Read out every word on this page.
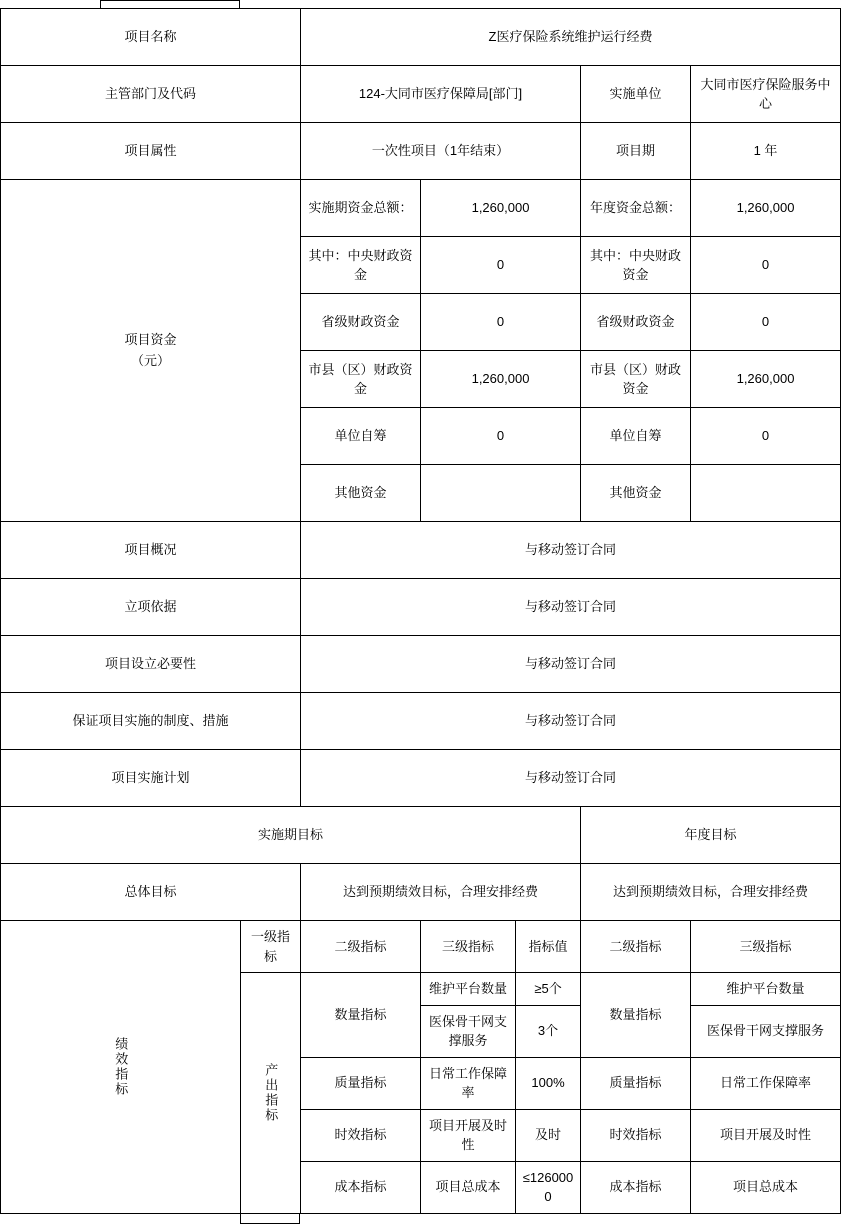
项目名称		Z医疗保险系统维护运行经费				
主管部门及代码		124-大同市医疗保障局[部门]			实施单位	大同市医疗保险服务中心
项目属性		一次性项目（1年结束）			项目期	1 年

项目资金
（元）		实施期资金总额：	1,260,000		年度资金总额：	1,260,000
		其中：中央财政资金	0		其中：中央财政资金	0
		省级财政资金	0		省级财政资金	0
		市县（区）财政资金	1,260,000		市县（区）财政资金	1,260,000
		单位自筹	0		单位自筹	0
		其他资金			其他资金	
项目概况		与移动签订合同				
立项依据		与移动签订合同				
项目设立必要性		与移动签订合同				
保证项目实施的制度、措施		与移动签订合同				
项目实施计划		与移动签订合同				
实施期目标					年度目标	
总体目标		达到预期绩效目标，合理安排经费			达到预期绩效目标，合理安排经费	
绩效指标	一级指标	二级指标	三级指标	指标值	二级指标	三级指标
	产出指标	数量指标	维护平台数量	≥5个	数量指标	维护平台数量
			医保骨干网支撑服务	3个		医保骨干网支撑服务
		质量指标	日常工作保障率	100%	质量指标	日常工作保障率
		时效指标	项目开展及时性	及时	时效指标	项目开展及时性
		成本指标	项目总成本	≤1260000	成本指标	项目总成本
